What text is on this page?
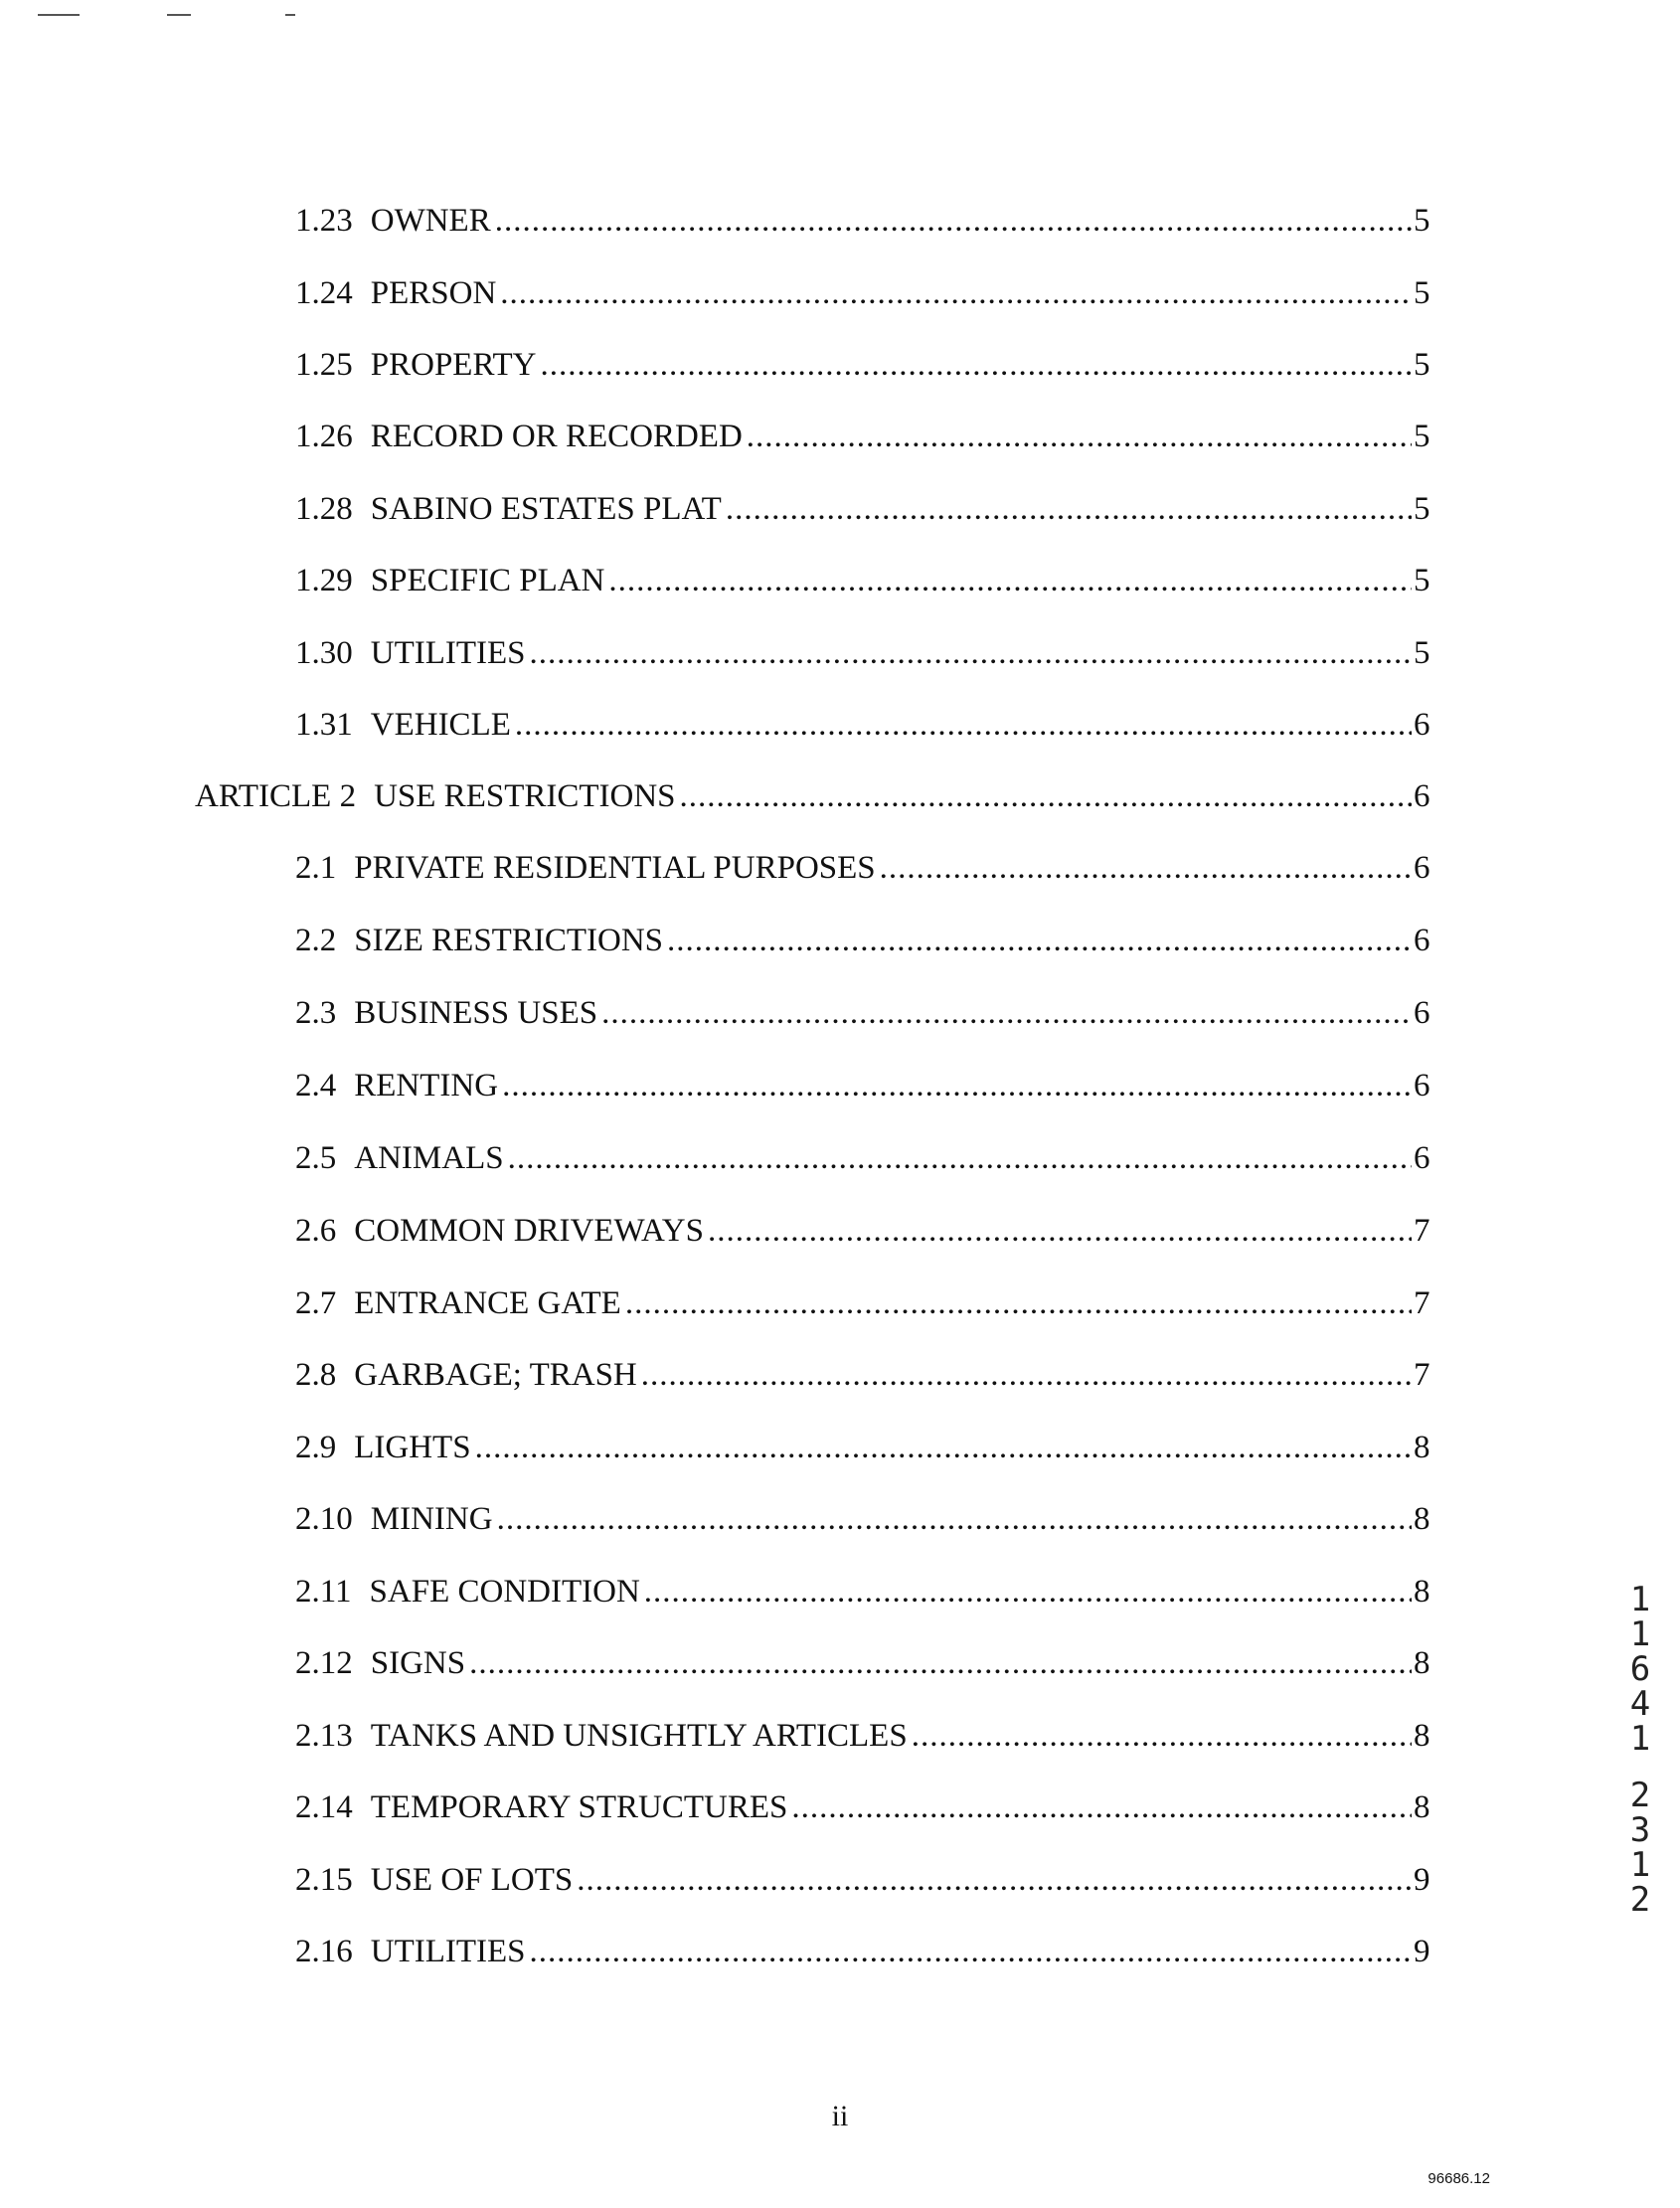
1.23 OWNER .....	5
1.24 PERSON .....	5
1.25 PROPERTY .....	5
1.26 RECORD OR RECORDED .....	5
1.28 SABINO ESTATES PLAT .....	5
1.29 SPECIFIC PLAN .....	5
1.30 UTILITIES .....	5
1.31 VEHICLE .....	6
ARTICLE 2 USE RESTRICTIONS .....	6
2.1 PRIVATE RESIDENTIAL PURPOSES .....	6
2.2 SIZE RESTRICTIONS .....	6
2.3 BUSINESS USES .....	6
2.4 RENTING .....	6
2.5 ANIMALS .....	6
2.6 COMMON DRIVEWAYS .....	7
2.7 ENTRANCE GATE .....	7
2.8 GARBAGE; TRASH .....	7
2.9 LIGHTS .....	8
2.10 MINING .....	8
2.11 SAFE CONDITION .....	8
2.12 SIGNS .....	8
2.13 TANKS AND UNSIGHTLY ARTICLES .....	8
2.14 TEMPORARY STRUCTURES .....	8
2.15 USE OF LOTS .....	9
2.16 UTILITIES .....	9
1
1
6
4
1
2
3
1
2
ii
96686.12
